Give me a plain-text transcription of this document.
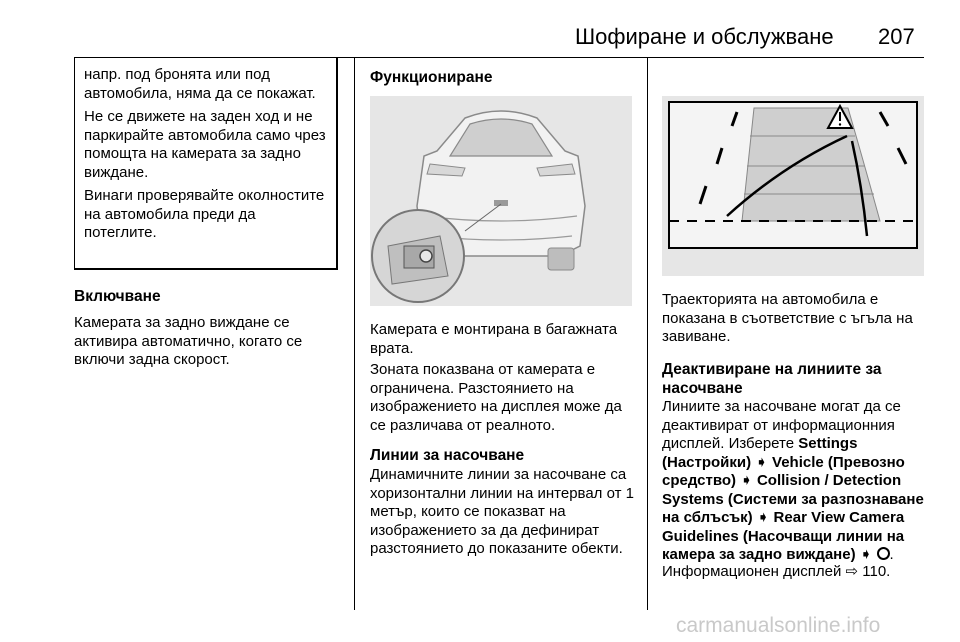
Шофиране и обслужване 207

напр. под бронята или под автомобила, няма да се покажат.

Не се движете на заден ход и не паркирайте автомобила само чрез помощта на камерата за задно виждане.

Винаги проверявайте околностите на автомобила преди да потеглите.

Включване

Камерата за задно виждане се активира автоматично, когато се включи задна скорост.

Функциониране

Камерата е монтирана в багажната врата.

Зоната показвана от камерата е ограничена. Разстоянието на изображението на дисплея може да се различава от реалното.

Линии за насочване

Динамичните линии за насочване са хоризонтални линии на интервал от 1 метър, които се показват на изображението за да дефинират разстоянието до показаните обекти.

Траекторията на автомобила е показана в съответствие с ъгъла на завиване.

Деактивиране на линиите за насочване

Линиите за насочване могат да се деактивират от информационния дисплей. Изберете Settings (Настройки) ➧ Vehicle (Превозно средство) ➧ Collision / Detection Systems (Системи за разпознаване на сблъсък) ➧ Rear View Camera Guidelines (Насочващи линии на камера за задно виждане) ➧ .

Информационен дисплей ⇨ 110.

carmanualsonline.info
